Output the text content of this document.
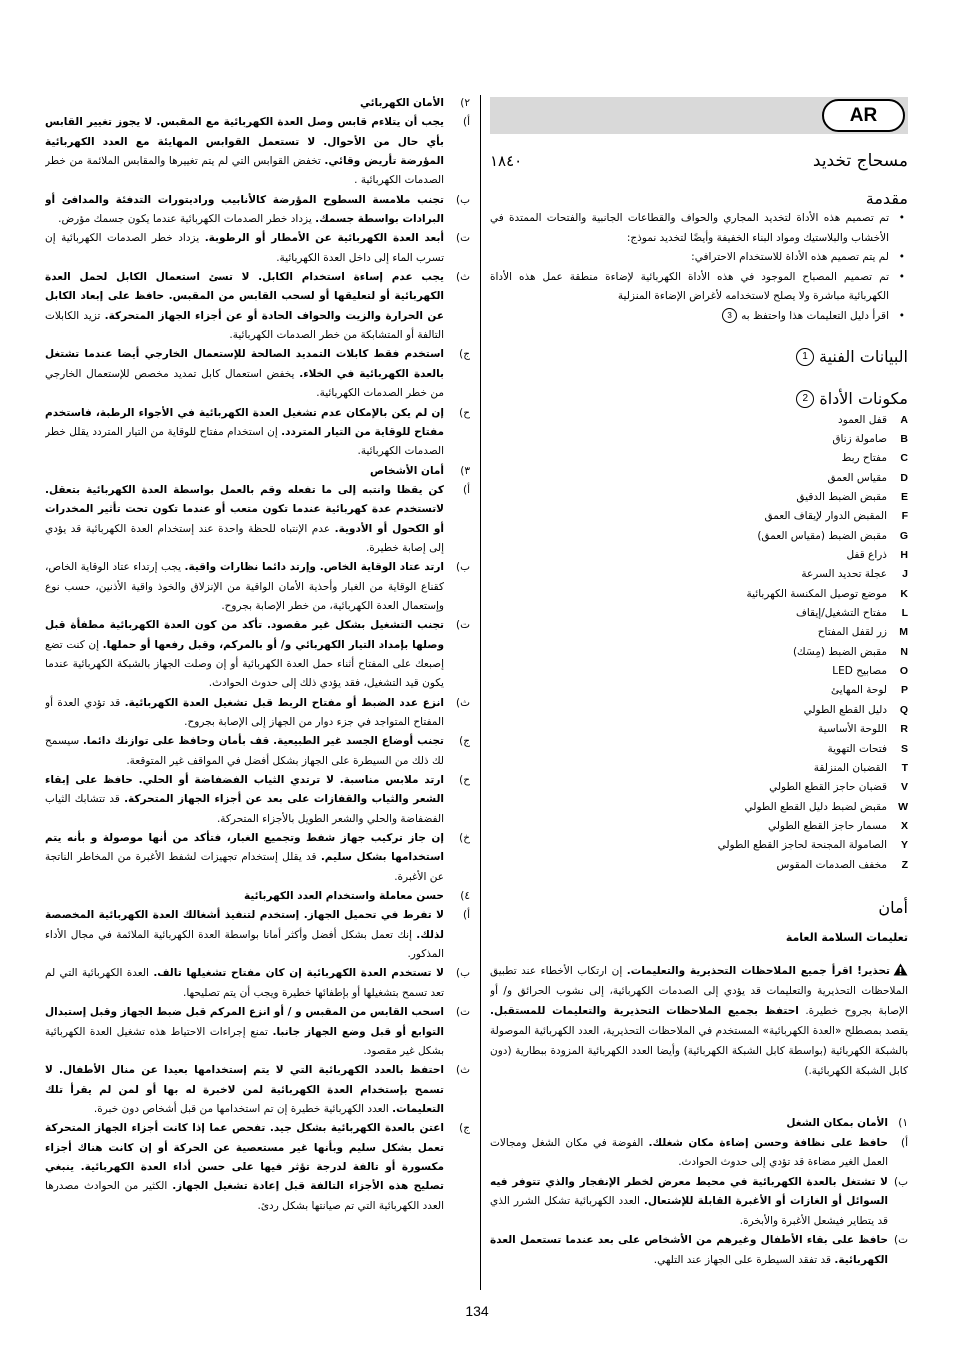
AR
مسحاج تخديد
١٨٤٠
مقدمة
•
تم تصميم هذه الأداة لتخديد المجاري والحواف والقطاعات الجانبية والفتحات الممتدة في الأخشاب والبلاستيك ومواد البناء الخفيفة وأيضًا لتخديد نموذج:
•
لم يتم تصميم هذه الأداة للاستخدام الاحترافي:
•
تم تصميم المصباح الموجود في هذه الأداة الكهربائية لإضاءة منطقة عمل هذه الأداة الكهربائية مباشرة ولا يصلح لاستخدامه لأغراض الإضاءة المنزلية
•
اقرأ دليل التعليمات هذا واحتفظ به3
البيانات الفنية
1
مكونات الأداة
2
A
قفل العمود
B
صامولة زناق
C
مفتاح ربط
D
مقياس العمق
E
مقبض الضبط الدقيق
F
المقبض الدوار لإيقاف العمق
G
مقبض الضبط (مقياس العمق)
H
ذراع قفل
J
عجلة تحديد السرعة
K
موضع توصيل المكنسة الكهربائية
L
مفتاح التشغيل/إيقاف
M
زر لقفل المفتاح
N
مقبض الضبط (مِسَك)
O
مصابيح LED
P
لوحة المهايئ
Q
دليل القطع الطولي
R
اللوحة الأساسية
S
فتحات التهوية
T
القضبان المنزلقة
V
قضبان حاجز القطع الطولي
W
مقبض لضبط دليل القطع الطولي
X
مسمار حاجز القطع الطولي
Y
الصامولة المجنحة لحاجز القطع الطولي
Z
مخفف الصدمات المقوس
أمان
تعليمات السلامة العامة
تحذير! اقرأ جميع الملاحظات التحذيرية والتعليمات. إن ارتكاب الأخطاء عند تطبيق الملاحظات التحذيرية والتعليمات قد يؤدي إلى الصدمات الكهربائية، إلى نشوب الحرائق و/ أو الإصابة بجروح خطيرة. احتفظ بجميع الملاحظات التحذيرية والتعليمات للمستقبل. يقصد بمصطلح «العدة الكهربائية» المستخدم في الملاحظات التحذيرية، العدد الكهربائية الموصولة بالشبكة الكهربائية (بواسطة كابل الشبكة الكهربائية) وأيضا العدد الكهربائية المزودة ببطارية (دون كابل الشبكة الكهربائية.)
١)
الأمان بمكان الشغل
أ)
حافظ على نظافة وحسن إضاءة مكان شغلك. الفوضة في مكان الشغل ومجالات العمل الغير مضاءة قد تؤدي إلى حدوث الحوادث.
ب)
لا تشتغل بالعدة الكهربائية في محيط معرض لخطر الإنفجار والذي تتوفر فيه السوائل أو الغازات أو الأغبرة القابلة للإشتعال. العدد الكهربائية تشكل الشرر الذي قد يتطاير فيشعل الأغبرة والأبخرة.
ت)
حافظ على بقاء الأطفال وغيرهم من الأشخاص على بعد عندما تستعمل العدة الكهربائية. قد تفقد السيطرة على الجهاز عند التلهي.
٢)
الأمان الكهربائي
أ)
يجب أن يتلاءم قابس وصل العدة الكهربائية مع المقبس. لا يجوز تغيير القابس بأي حال من الأحوال. لا تستعمل القوابس المهايئة مع العدد الكهربائية المؤرضة تأريض وقائي. تخفض القوابس التي لم يتم تغييرها والمقابس الملائمة من خطر الصدمات الكهربائية .
ب)
تجنب ملامسة السطوح المؤرضة كالأنابيب وراديتورات التدفئة والمدافئ أو البرادات بواسطة جسمك. يزداد خطر الصدمات الكهربائية عندما يكون جسمك مؤرض.
ت)
أبعد العدة الكهربائية عن الأمطار أو الرطوبة. يزداد خطر الصدمات الكهربائية إن تسرب الماء إلى داخل العدة الكهربائية.
ث)
يجب عدم إساءة استخدام الكابل. لا تسئ استعمال الكابل لحمل العدة الكهربائية أو لتعليقها أو لسحب القابس من المقبس. حافظ على إبعاد الكابل عن الحرارة والزيت والحواف الحادة أو عن أجزاء الجهاز المتحركة. تزيد الكابلات التالفة أو المتشابكة من خطر الصدمات الكهربائية.
ج)
استخدم فقط كابلات التمديد الصالحة للإستعمال الخارجي أيضا عندما تشتغل بالعدة الكهربائية في الخلاء. يخفض استعمال كابل تمديد مخصص للإستعمال الخارجي من خطر الصدمات الكهربائية.
ح)
إن لم يكن بالإمكان عدم تشغيل العدة الكهربائية في الأجواء الرطبة، فاستخدم مفتاح للوقاية من التيار المتردد. إن استخدام مفتاح للوقاية من التيار المتردد يقلل خطر الصدمات الكهربائية.
٣)
أمان الأشخاص
أ)
كن يقظا وانتبه إلى ما تفعله وقم بالعمل بواسطة العدة الكهربائية بتعقل. لاتستخدم عدة كهربائية عندما تكون متعب أو عندما تكون تحت تأثير المخدرات أو الكحول أو الأدوية. عدم الإنتباه للحظة واحدة عند إستخدام العدة الكهربائية قد يؤدي إلى إصابة خطيرة.
ب)
ارتد عتاد الوقاية الخاص. وإرتد دائما نظارات واقية. يجب إرتداء عتاد الوقاية الخاص، كقناع الوقاية من الغبار وأحذية الأمان الواقية من الإنزلاق والخوذ واقية الأذنين، حسب نوع وإستعمال العدة الكهربائية، من خطر الإصابة بجروح.
ت)
تجنب التشغيل بشكل غير مقصود. تأكد من كون العدة الكهربائية مطفأة قبل وصلها بإمداد التيار الكهربائي و/ أو بالمركم، وقبل رفعها أو حملها. إن كنت تضع إصبعك على المفتاح أثناء حمل العدة الكهربائية أو إن وصلت الجهاز بالشبكة الكهربائية عندما يكون قيد التشغيل، فقد يؤدي ذلك إلى حدوث الحوادث.
ث)
انزع عدد الضبط أو مفتاح الربط قبل تشغيل العدة الكهربائية. قد تؤدي العدة أو المفتاح المتواجد في جزء دوار من الجهاز إلى الإصابة بجروح.
ج)
تجنب أوضاع الجسد غير الطبيعية. قف بأمان وحافظ على توازنك دائما. سيسمح لك ذلك من السيطرة على الجهاز بشكل أفضل في المواقف غير المتوقعة.
ح)
ارتد ملابس مناسبة. لا ترتدي الثياب الفضفاضة أو الحلي. حافظ على إبقاء الشعر والثياب والقفازات على بعد عن أجزاء الجهاز المتحركة. قد تتشابك الثياب الفضفاضة والحلي والشعر الطويل بالأجزاء المتحركة.
خ)
إن جاز تركيب جهاز شفط وتجميع الغبار، فتأكد من أنها موصولة و بأنه يتم استخدامها بشكل سليم. قد يقلل إستخدام تجهيزات لشفط الأغبرة من المخاطر الناتجة عن الأغبرة.
٤)
حسن معاملة واستخدام العدد الكهربائية
أ)
لا تفرط في تحميل الجهاز. إستخدم لتنفيذ أشغالك العدة الكهربائية المخصصة لذلك. إنك تعمل بشكل أفضل وأكثر أمانا بواسطة العدة الكهربائية الملائمة في مجال الأداء المذكور.
ب)
لا تستخدم العدة الكهربائية إن كان مفتاح تشغيلها تالف. العدة الكهربائية التي لم تعد تسمح بتشغيلها أو بإطفائها خطيرة ويجب أن يتم تصليحها.
ت)
اسحب القابس من المقبس و / أو انزع المركم قبل ضبط الجهاز وقبل إستبدال التوابع أو قبل وضع الجهاز جانبا. تمنع إجراءات الاحتياط هذه تشغيل العدة الكهربائية بشكل غير مقصود.
ث)
احتفظ بالعدد الكهربائية التي لا يتم إستخدامها بعيدا عن منال الأطفال. لا تسمح بإستخدام العدة الكهربائية لمن لاخبرة له بها أو لمن لم يقرأ تلك التعليمات. العدد الكهربائية خطيرة إن تم استخدامها من قبل أشخاص دون خبرة.
ج)
اعتن بالعدة الكهربائية بشكل جيد. تفحص عما إذا كانت أجزاء الجهاز المتحركة تعمل بشكل سليم وبأنها غير مستعصية عن الحركة أو إن كانت هناك أجزاء مكسورة أو تالفة لدرجة تؤثر فيها على حسن أداء العدة الكهربائية. ينبغي تصليح هذه الأجزاء التالفة قبل إعادة تشغيل الجهاز. الكثير من الحوادث مصدرها العدد الكهربائية التي تم صيانتها بشكل ردئ.
134
